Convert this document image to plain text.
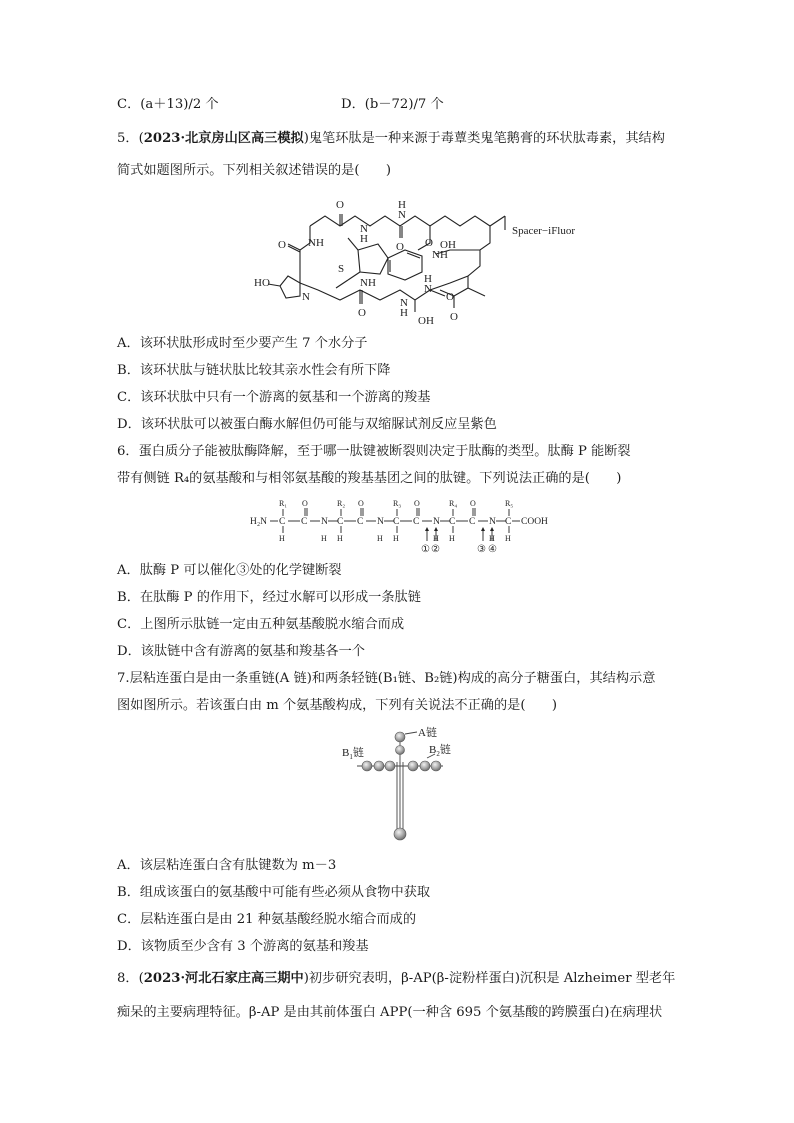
C．(a＋13)/2 个	D．(b－72)/7 个
5．(2023·北京房山区高三模拟)鬼笔环肽是一种来源于毒蕈类鬼笔鹅膏的环状肽毒素，其结构
简式如题图所示。下列相关叙述错误的是(　　)
O
O
N
H
N
H
Spacer−iFluor
OH
O
NH
O
NH
HO
S
NH
N	O
O
N
H
N
H
O
OH
A．该环状肽形成时至少要产生 7 个水分子
B．该环状肽与链状肽比较其亲水性会有所下降
C．该环状肽中只有一个游离的氨基和一个游离的羧基
D．该环状肽可以被蛋白酶水解但仍可能与双缩脲试剂反应呈紫色
6．蛋白质分子能被肽酶降解，至于哪一肽键被断裂则决定于肽酶的类型。肽酶 P 能断裂
带有侧链 R₄的氨基酸和与相邻氨基酸的羧基基团之间的肽键。下列说法正确的是(　　)
H₂N C C N C C N C C N C C N C COOH
R₁	R₂	R₃	R₄	R₅
O	O	O	O
H	H H	H H	H H	H H
① ②	③ ④
A．肽酶 P 可以催化③处的化学键断裂
B．在肽酶 P 的作用下，经过水解可以形成一条肽链
C．上图所示肽链一定由五种氨基酸脱水缩合而成
D．该肽链中含有游离的氨基和羧基各一个
7.层粘连蛋白是由一条重链(A 链)和两条轻链(B₁链、B₂链)构成的高分子糖蛋白，其结构示意
图如图所示。若该蛋白由 m 个氨基酸构成，下列有关说法不正确的是(　　)
A链
$B_1$链	$B_2$链
A．该层粘连蛋白含有肽键数为 m－3
B．组成该蛋白的氨基酸中可能有些必须从食物中获取
C．层粘连蛋白是由 21 种氨基酸经脱水缩合而成的
D．该物质至少含有 3 个游离的氨基和羧基
8．(2023·河北石家庄高三期中)初步研究表明，β-AP(β-淀粉样蛋白)沉积是 Alzheimer 型老年
痴呆的主要病理特征。β-AP 是由其前体蛋白 APP(一种含 695 个氨基酸的跨膜蛋白)在病理状
